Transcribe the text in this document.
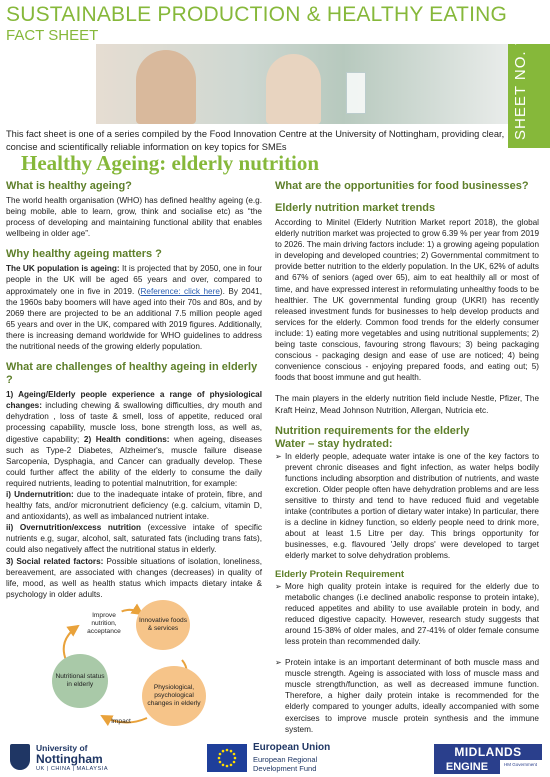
SUSTAINABLE PRODUCTION & HEALTHY EATING
FACT SHEET
SHEET NO. 7
This fact sheet is one of a series compiled by the Food Innovation Centre at the University of Nottingham, providing clear, concise and scientifically reliable information on key topics for SMEs
Healthy Ageing: elderly nutrition
What is healthy ageing?

The world health organisation (WHO) has defined healthy ageing (e.g. being mobile, able to learn, grow, think and socialise etc) as “the process of developing and maintaining functional ability that enables wellbeing in older age”.

Why healthy ageing matters ?

The UK population is ageing: It is projected that by 2050, one in four people in the UK will be aged 65 years and over, compared to approximately one in five in 2019. (Reference: click here). By 2041, the 1960s baby boomers will have aged into their 70s and 80s, and by 2069 there are projected to be an additional 7.5 million people aged 65 years and over in the UK, compared with 2019 figures. Additionally, there is increasing demand worldwide for WHO guidelines to address the nutritional needs of the growing elderly population.

What are challenges of healthy ageing in elderly ?

1) Ageing/Elderly people experience a range of physiological changes: including chewing & swallowing difficulties, dry mouth and dehydration , loss of taste & smell, loss of appetite, reduced oral processing capability, muscle loss, bone strength loss, as well as, digestive capability; 2) Health conditions: when ageing, diseases such as Type-2 Diabetes, Alzheimer's, muscle failure disease Sarcopenia, Dysphagia, and Cancer can gradually develop. These could further affect the ability of the elderly to consume the daily required nutrients, leading to potential malnutrition, for example:

i) Undernutrition: due to the inadequate intake of protein, fibre, and healthy fats, and/or micronutrient deficiency (e.g. calcium, vitamin D, and antioxidants), as well as imbalanced nutrient intake.

ii) Overnutrition/excess nutrition (excessive intake of specific nutrients e.g, sugar, alcohol, salt, saturated fats (including trans fats), could also negatively affect the nutritional status in elderly.

3) Social related factors: Possible situations of isolation, loneliness, bereavement, are associated with changes (decreases) in quality of life, mood, as well as health status which impacts dietary intake & psychology in older adults.

Improve nutrition, acceptance
Innovative foods & services
Nutritional status in elderly	Physiological, psychological changes in elderly
Impact
What are the opportunities for food businesses?
Elderly nutrition market trends

According to Minitel (Elderly Nutrition Market report 2018), the global elderly nutrition market was projected to grow 6.39 % per year from 2019 to 2026. The main driving factors include: 1) a growing ageing population in developing and developed countries; 2) Governmental commitment to provide better nutrition to the elderly population. In the UK, 62% of adults and 67% of seniors (aged over 65), aim to eat healthily all or most of time, and have expressed interest in reformulating unhealthy foods to be healthier. The UK governmental funding group (UKRI) has recently released investment funds for businesses to help develop products and services for the elderly. Common food trends for the elderly consumer include: 1) eating more vegetables and using nutritional supplements; 2) being taste conscious, favouring strong flavours; 3) being packaging conscious - packaging design and ease of use are noticed; 4) being convenience conscious - enjoying prepared foods, and eating out; 5) foods that boost immune and gut health.

The main players in the elderly nutrition field include Nestle, Pfizer, The Kraft Heinz, Mead Johnson Nutrition, Allergan, Nutricia etc.

Nutrition requirements for the elderly
Water – stay hydrated:
➢ In elderly people, adequate water intake is one of the key factors to prevent chronic diseases and fight infection, as water helps bodily functions including absorption and distribution of nutrients, and waste excretion. Older people often have dehydration problems and are less sensitive to thirsty and tend to have reduced fluid and vegetable intake (contributes a portion of dietary water intake) In particular, there is a decline in kidney function, so elderly people need to drink more, about at least 1.5 Litre per day. This brings opportunity for businesses, e.g. flavoured 'Jelly drops' were developed to target elderly market to solve dehydration problems.
Elderly Protein Requirement
➢ More high quality protein intake is required for the elderly due to metabolic changes (i.e declined anabolic response to protein intake), reduced appetites and ability to use available protein in body, and reduced digestive capacity. However, research study suggests that around 15-38% of older males, and 27-41% of older female consume less protein than recommended daily.
➢ Protein intake is an important determinant of both muscle mass and muscle strength. Ageing is associated with loss of muscle mass and muscle strength/function, as well as decreased immune function. Therefore, a higher daily protein intake is recommended for the elderly compared to younger adults, ideally accompanied with some exercises to improve muscle protein synthesis and the immune system.
University of
Nottingham
UK | CHINA | MALAYSIA
European Union
European Regional
Development Fund
MIDLANDS
ENGINE	HM Government
